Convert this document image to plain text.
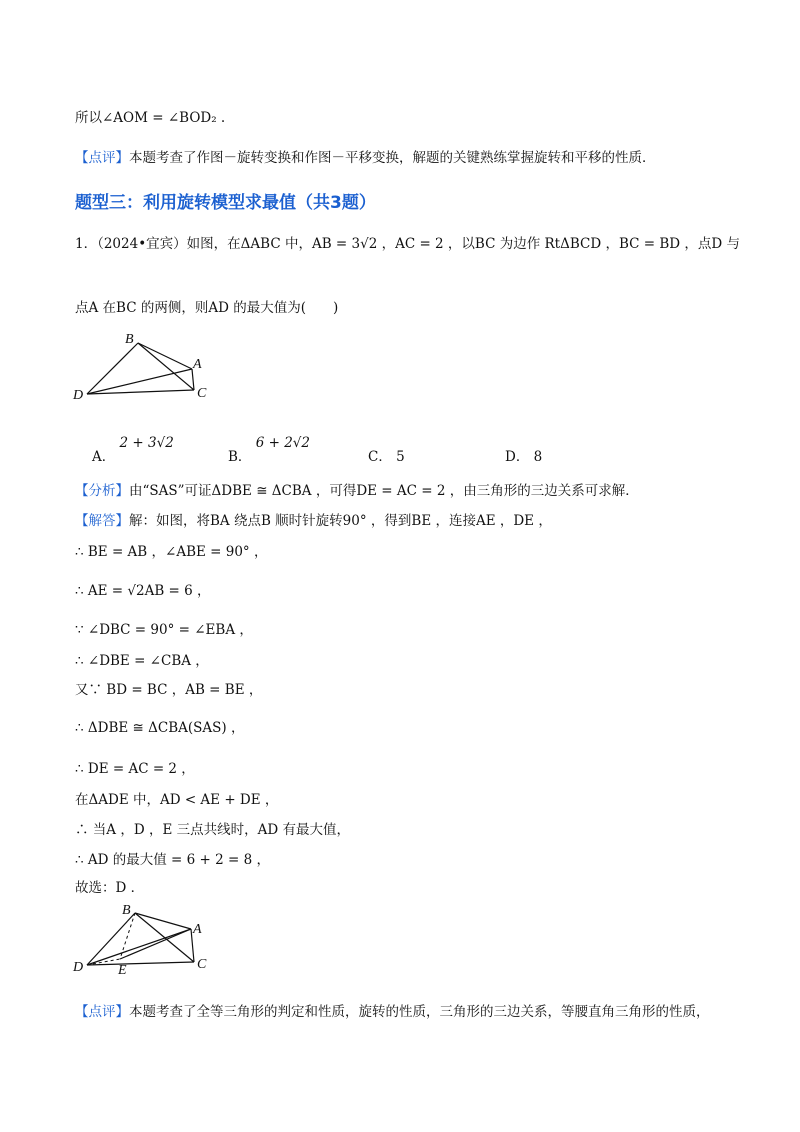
所以∠AOM = ∠BOD₂ .
【点评】本题考查了作图－旋转变换和作图－平移变换，解题的关键熟练掌握旋转和平移的性质．
题型三：利用旋转模型求最值（共3题）
1．（2024•宜宾）如图，在ΔABC 中，AB = 3√2 ，AC = 2 ，以BC 为边作 RtΔBCD ，BC = BD ，点D 与
点A 在BC 的两侧，则AD 的最大值为(　　)
B
A
D	C
A． 2 + 3√2
B． 6 + 2√2
C． 5	D． 8
【分析】由“SAS”可证ΔDBE ≅ ΔCBA ，可得DE = AC = 2 ，由三角形的三边关系可求解．
【解答】解：如图，将BA 绕点B 顺时针旋转90° ，得到BE ，连接AE ，DE ，
∴ BE = AB ，∠ABE = 90° ，
∴ AE = √2AB = 6 ，
∵ ∠DBC = 90° = ∠EBA ，
∴ ∠DBE = ∠CBA ，
又∵ BD = BC ，AB = BE ，
∴ ΔDBE ≅ ΔCBA(SAS) ，
∴ DE = AC = 2 ，
在ΔADE 中，AD < AE + DE ，
∴ 当A ，D ，E 三点共线时，AD 有最大值，
∴ AD 的最大值 = 6 + 2 = 8 ，
故选：D ．
B
A
D E	C
【点评】本题考查了全等三角形的判定和性质，旋转的性质，三角形的三边关系，等腰直角三角形的性质，
